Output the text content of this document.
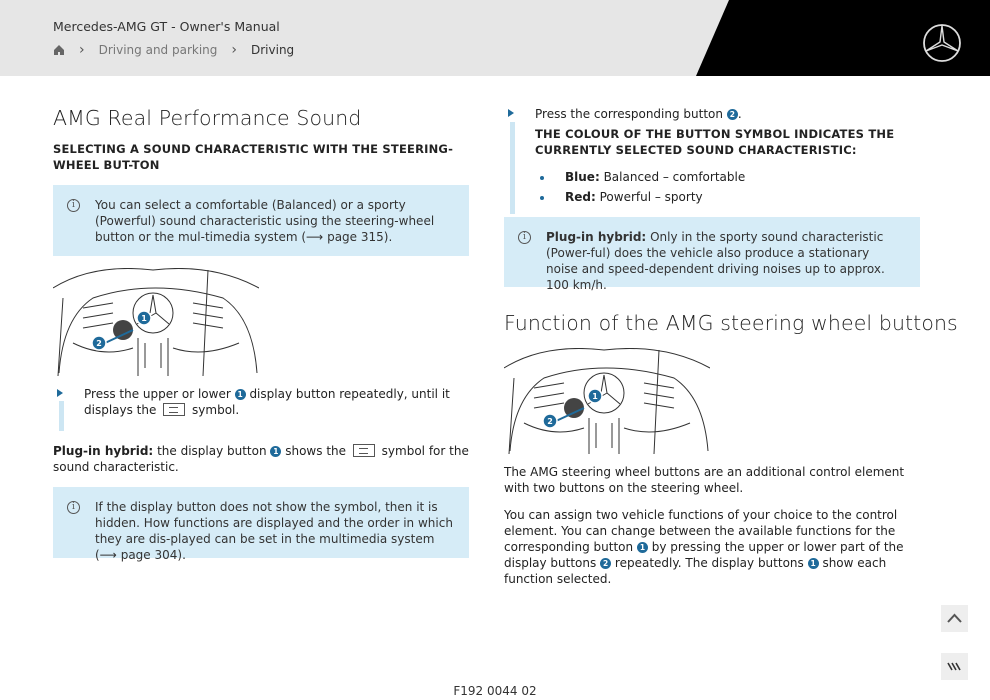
Mercedes-AMG GT - Owner's Manual
› Driving and parking › Driving
AMG Real Performance Sound
SELECTING A SOUND CHARACTERISTIC WITH THE STEERING-WHEEL BUT-TON
i	You can select a comfortable (Balanced) or a sporty (Powerful) sound characteristic using the steering-wheel button or the mul-timedia system (⟶ page 315).

1
2

Press the upper or lower 1 display button repeatedly, until it displays the	symbol.

Plug-in hybrid: the display button 1 shows the	symbol for the sound characteristic.

i	If the display button does not show the symbol, then it is hidden. How functions are displayed and the order in which they are dis-played can be set in the multimedia system (⟶ page 304).

Press the corresponding button 2 .

THE COLOUR OF THE BUTTON SYMBOL INDICATES THE CURRENTLY SELECTED SOUND CHARACTERISTIC:

Blue: Balanced – comfortable

Red: Powerful – sporty

i	Plug-in hybrid: Only in the sporty sound characteristic (Power-ful) does the vehicle also produce a stationary noise and speed-dependent driving noises up to approx. 100 km/h.

Function of the AMG steering wheel buttons
1
2

The AMG steering wheel buttons are an additional control element with two buttons on the steering wheel.

You can assign two vehicle functions of your choice to the control element. You can change between the available functions for the corresponding button 1 by pressing the upper or lower part of the display buttons 2 repeatedly. The display buttons 1 show each function selected.

F192 0044 02
